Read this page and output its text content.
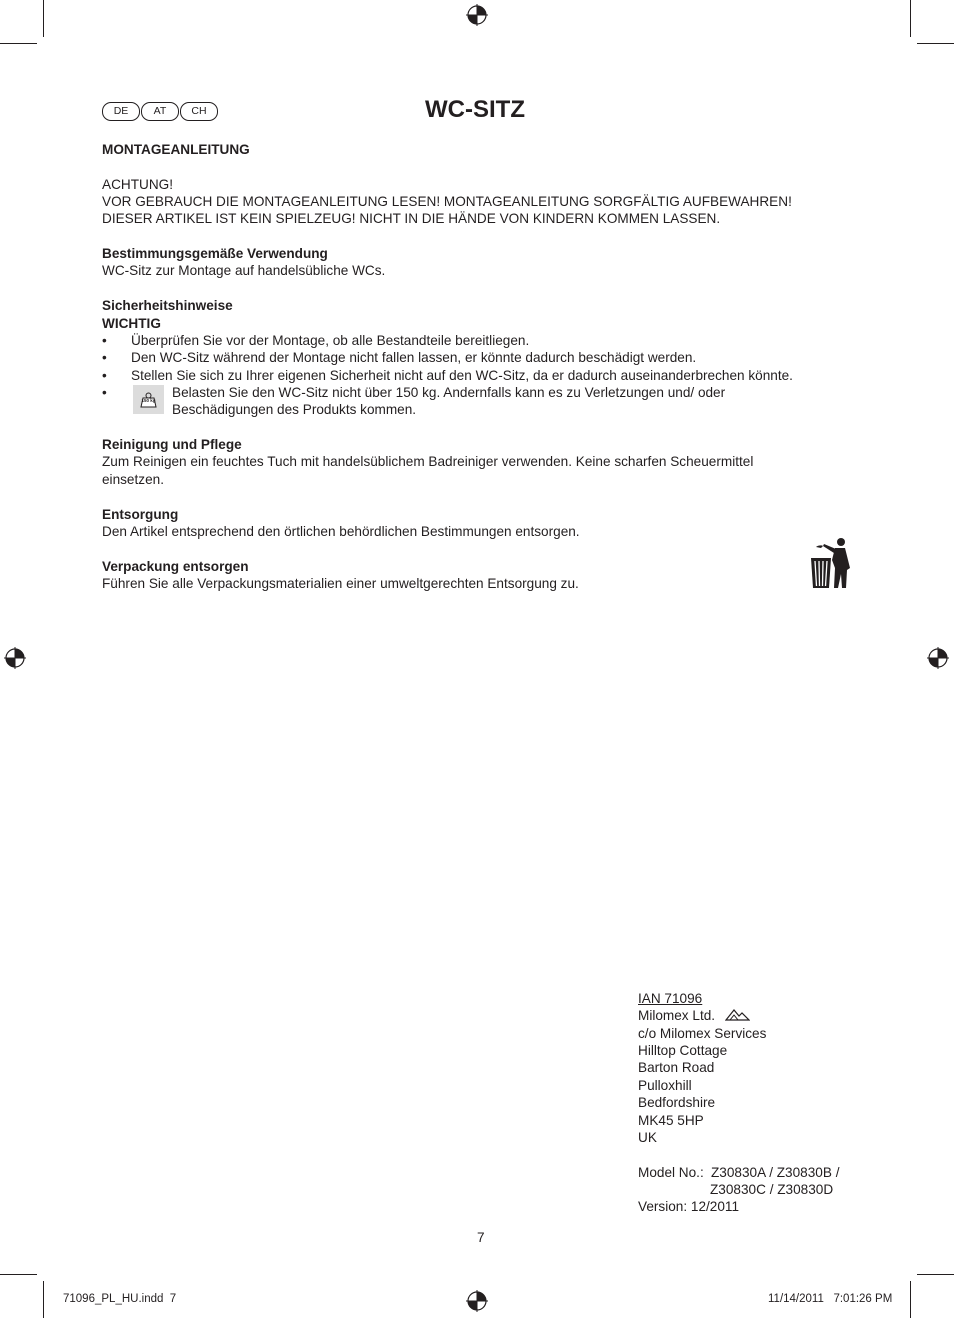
DE	AT	CH	WC-SITZ
MONTAGEANLEITUNG
ACHTUNG!
VOR GEBRAUCH DIE MONTAGEANLEITUNG LESEN! MONTAGEANLEITUNG SORGFÄLTIG AUFBEWAHREN!
DIESER ARTIKEL IST KEIN SPIELZEUG! NICHT IN DIE HÄNDE VON KINDERN KOMMEN LASSEN.
Bestimmungsgemäße Verwendung
WC-Sitz zur Montage auf handelsübliche WCs.
Sicherheitshinweise
WICHTIG
• Überprüfen Sie vor der Montage, ob alle Bestandteile bereitliegen.
• Den WC-Sitz während der Montage nicht fallen lassen, er könnte dadurch beschädigt werden.
• Stellen Sie sich zu Ihrer eigenen Sicherheit nicht auf den WC-Sitz, da er dadurch auseinanderbrechen könnte.
•
150 kg
Belasten Sie den WC-Sitz nicht über 150 kg. Andernfalls kann es zu Verletzungen und/ oder
Beschädigungen des Produkts kommen.
Reinigung und Pflege
Zum Reinigen ein feuchtes Tuch mit handelsüblichem Badreiniger verwenden. Keine scharfen Scheuermittel
einsetzen.
Entsorgung
Den Artikel entsprechend den örtlichen behördlichen Bestimmungen entsorgen.
Verpackung entsorgen
Führen Sie alle Verpackungsmaterialien einer umweltgerechten Entsorgung zu.
IAN 71096
Milomex Ltd.
c/o Milomex Services
Hilltop Cottage
Barton Road
Pulloxhill
Bedfordshire
MK45 5HP
UK
Model No.: Z30830A / Z30830B /
Z30830C / Z30830D
Version: 12/2011
7
71096_PL_HU.indd 7	11/14/2011 7:01:26 PM
